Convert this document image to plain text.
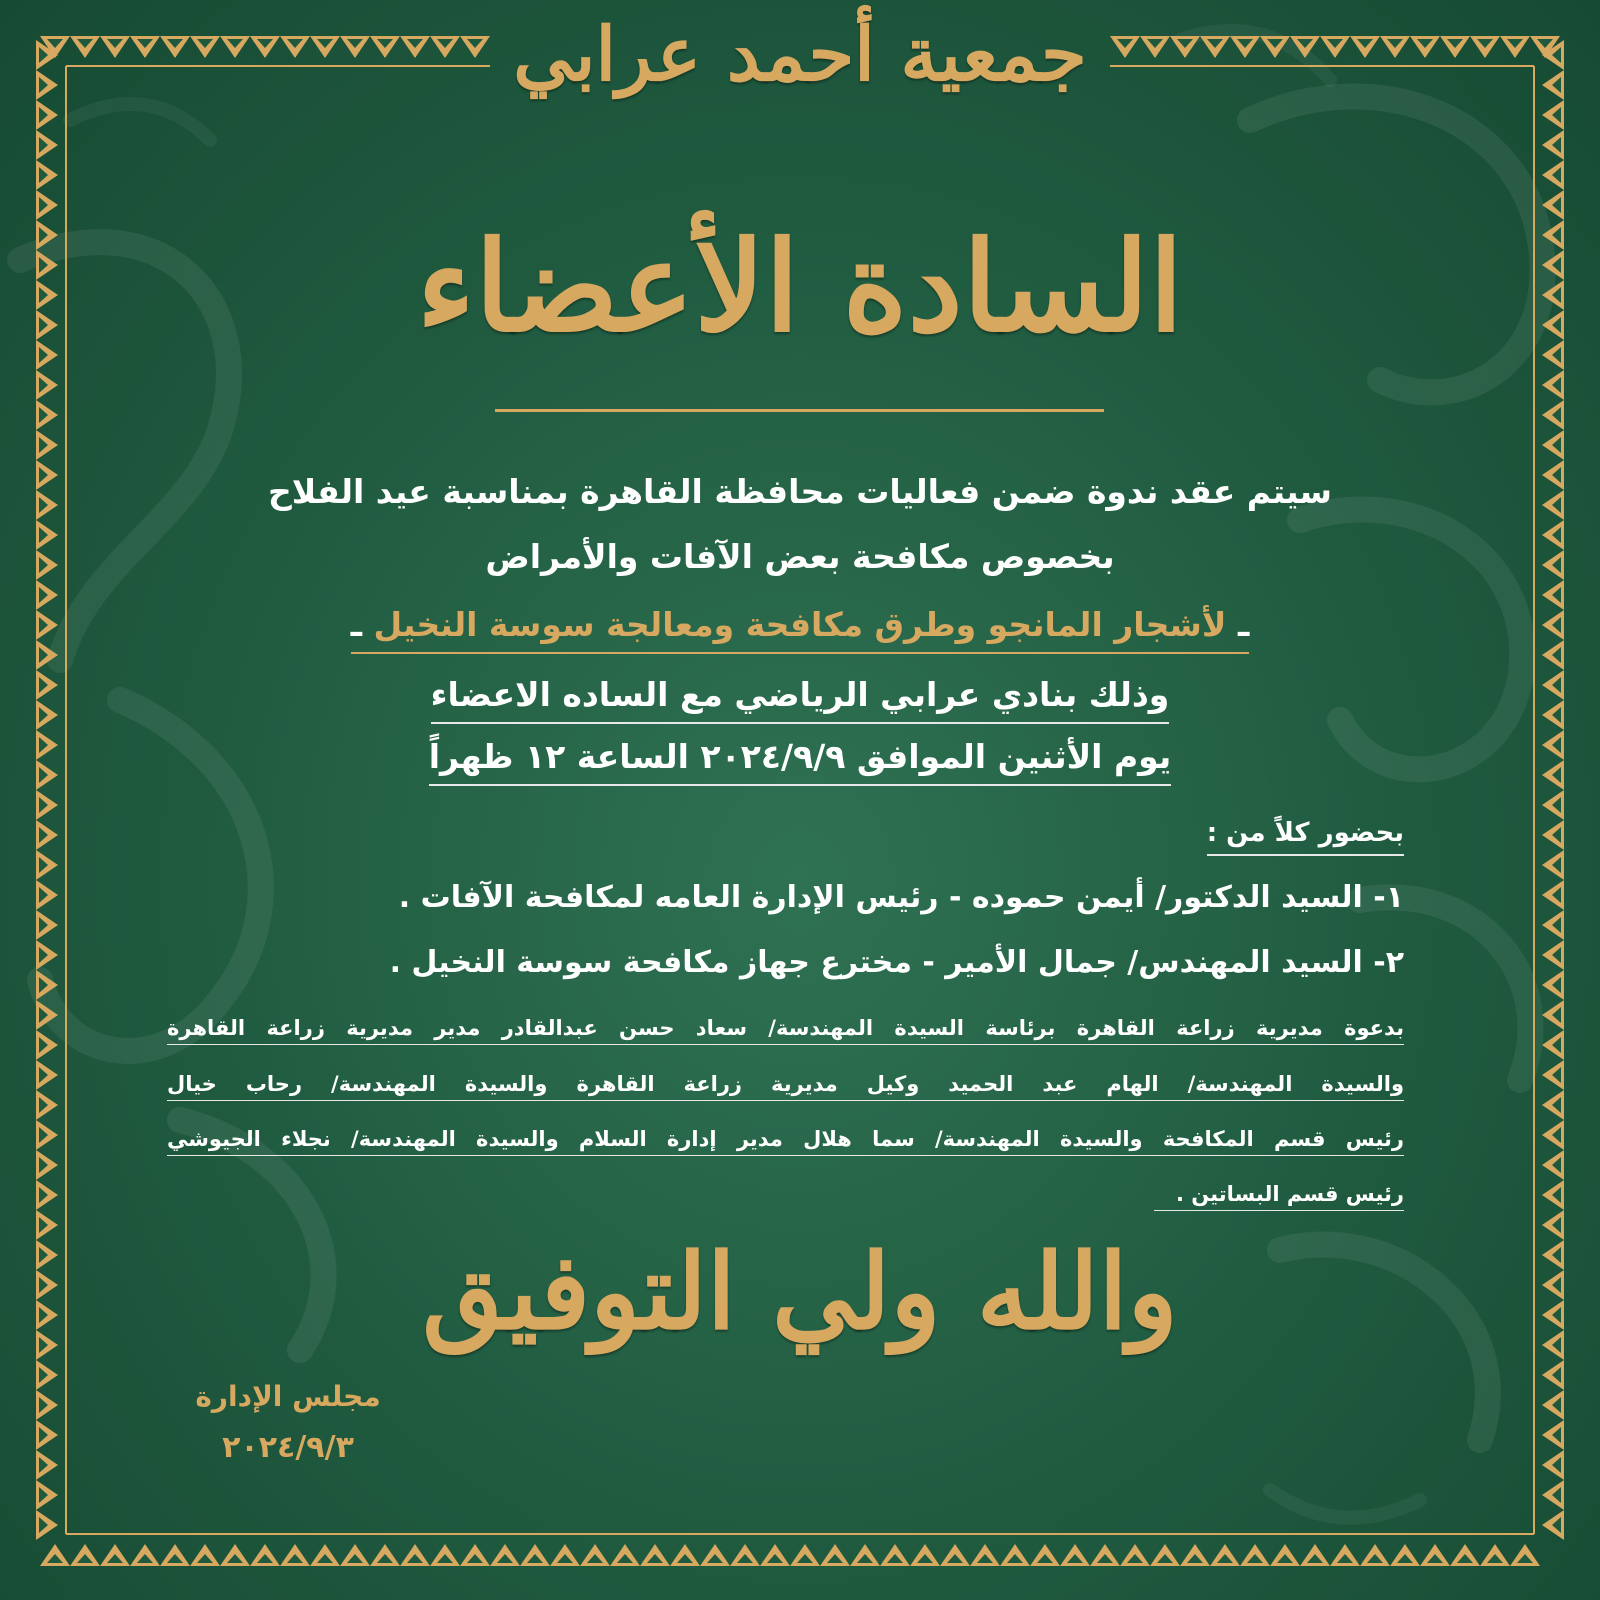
جمعية أحمد عرابي
السادة الأعضاء

سيتم عقد ندوة ضمن فعاليات محافظة القاهرة بمناسبة عيد الفلاح

بخصوص مكافحة بعض الآفات والأمراض

ـ لأشجار المانجو وطرق مكافحة ومعالجة سوسة النخيل ـ

وذلك بنادي عرابي الرياضي مع الساده الاعضاء

يوم الأثنين الموافق ٢٠٢٤/٩/٩ الساعة ١٢ ظهراً

بحضور كلاً من :

١- السيد الدكتور/ أيمن حموده - رئيس الإدارة العامه لمكافحة الآفات .

٢- السيد المهندس/ جمال الأمير - مخترع جهاز مكافحة سوسة النخيل .

بدعوة مديرية زراعة القاهرة برئاسة السيدة المهندسة/ سعاد حسن عبدالقادر مدير مديرية زراعة القاهرة

والسيدة المهندسة/ الهام عبد الحميد وكيل مديرية زراعة القاهرة والسيدة المهندسة/ رحاب خيال

رئيس قسم المكافحة والسيدة المهندسة/ سما هلال مدير إدارة السلام والسيدة المهندسة/ نجلاء الجيوشي

رئيس قسم البساتين .

والله ولي التوفيق

مجلس الإدارة

٢٠٢٤/٩/٣
